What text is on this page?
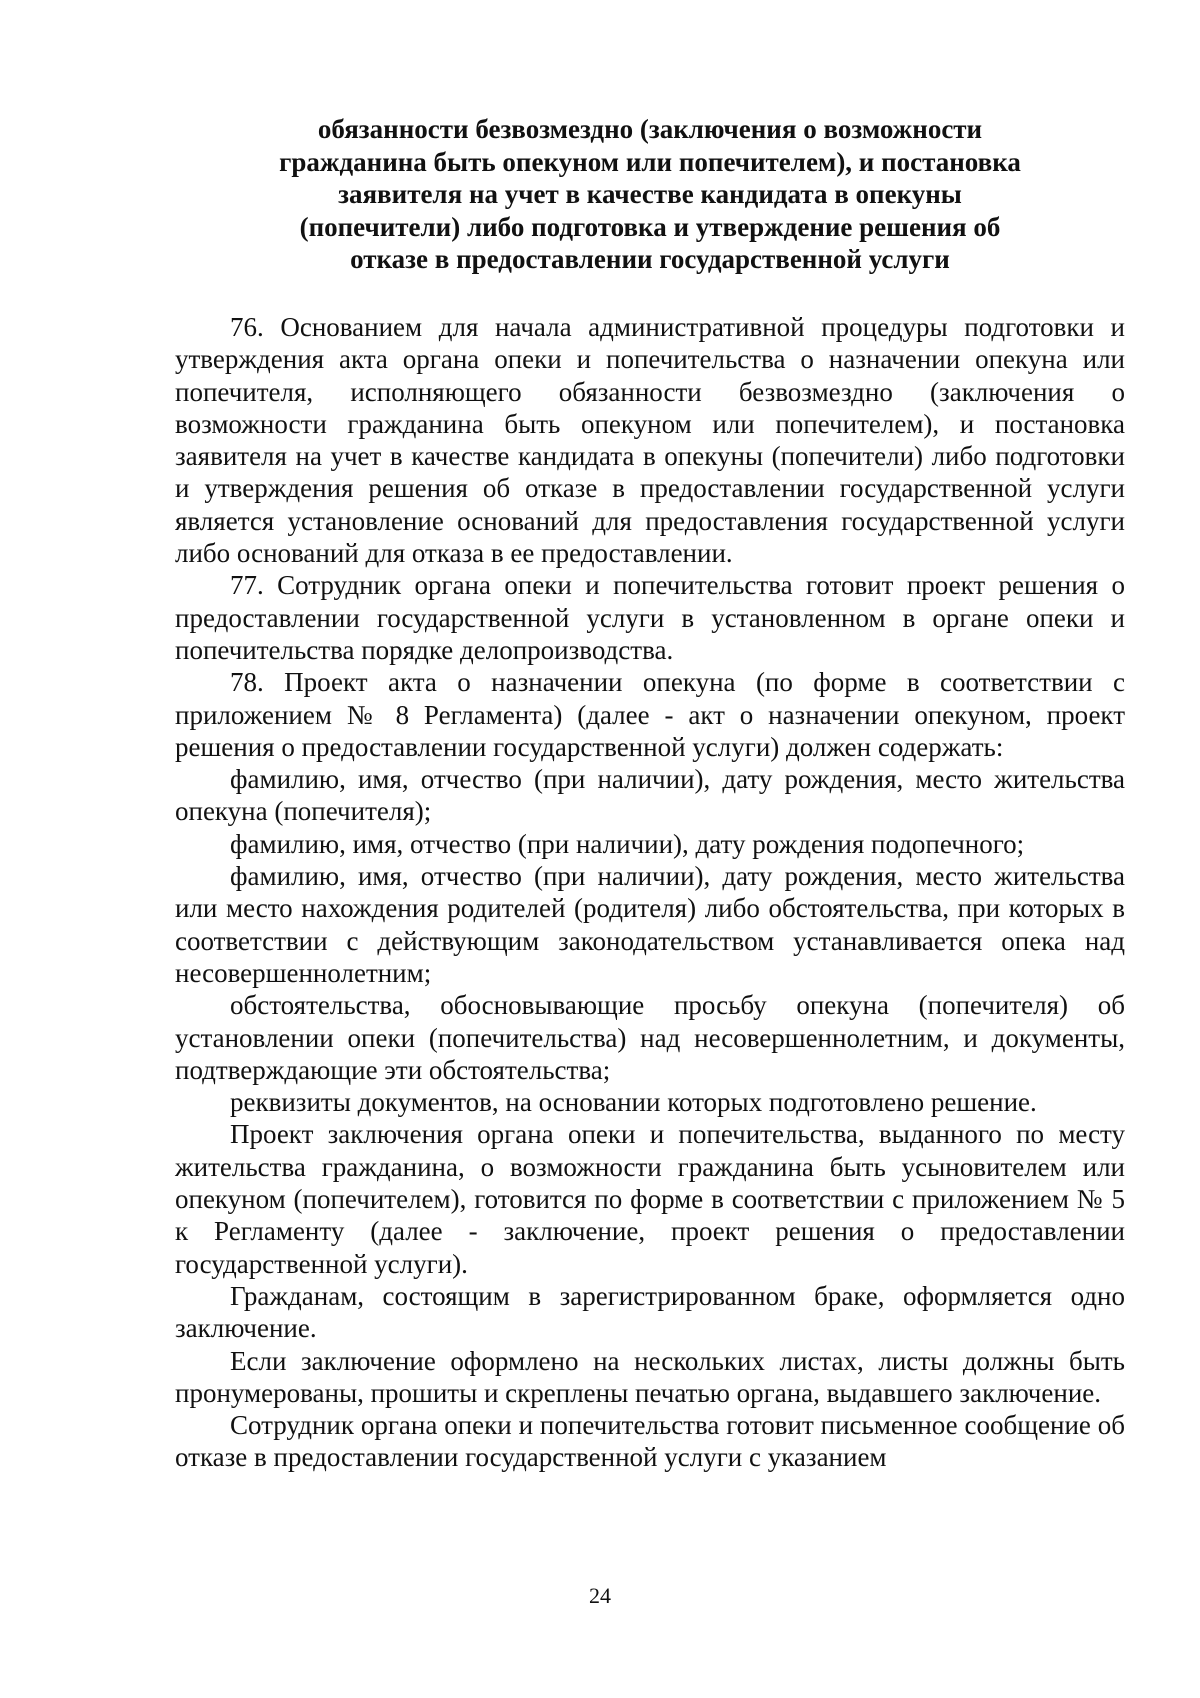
обязанности безвозмездно (заключения о возможности
гражданина быть опекуном или попечителем), и постановка
заявителя на учет в качестве кандидата в опекуны
(попечители) либо подготовка и утверждение решения об
отказе в предоставлении государственной услуги

76. Основанием для начала административной процедуры подготовки и утверждения акта органа опеки и попечительства о назначении опекуна или попечителя, исполняющего обязанности безвозмездно (заключения о возможности гражданина быть опекуном или попечителем), и постановка заявителя на учет в качестве кандидата в опекуны (попечители) либо подготовки и утверждения решения об отказе в предоставлении государственной услуги является установление оснований для предоставления государственной услуги либо оснований для отказа в ее предоставлении.

77. Сотрудник органа опеки и попечительства готовит проект решения о предоставлении государственной услуги в установленном в органе опеки и попечительства порядке делопроизводства.

78. Проект акта о назначении опекуна (по форме в соответствии с приложением № 8 Регламента) (далее - акт о назначении опекуном, проект решения о предоставлении государственной услуги) должен содержать:

фамилию, имя, отчество (при наличии), дату рождения, место жительства опекуна (попечителя);

фамилию, имя, отчество (при наличии), дату рождения подопечного;

фамилию, имя, отчество (при наличии), дату рождения, место жительства или место нахождения родителей (родителя) либо обстоятельства, при которых в соответствии с действующим законодательством устанавливается опека над несовершеннолетним;

обстоятельства, обосновывающие просьбу опекуна (попечителя) об установлении опеки (попечительства) над несовершеннолетним, и документы, подтверждающие эти обстоятельства;

реквизиты документов, на основании которых подготовлено решение.

Проект заключения органа опеки и попечительства, выданного по месту жительства гражданина, о возможности гражданина быть усыновителем или опекуном (попечителем), готовится по форме в соответствии с приложением № 5 к Регламенту (далее - заключение, проект решения о предоставлении государственной услуги).

Гражданам, состоящим в зарегистрированном браке, оформляется одно заключение.

Если заключение оформлено на нескольких листах, листы должны быть пронумерованы, прошиты и скреплены печатью органа, выдавшего заключение.

Сотрудник органа опеки и попечительства готовит письменное сообщение об отказе в предоставлении государственной услуги с указанием

24
